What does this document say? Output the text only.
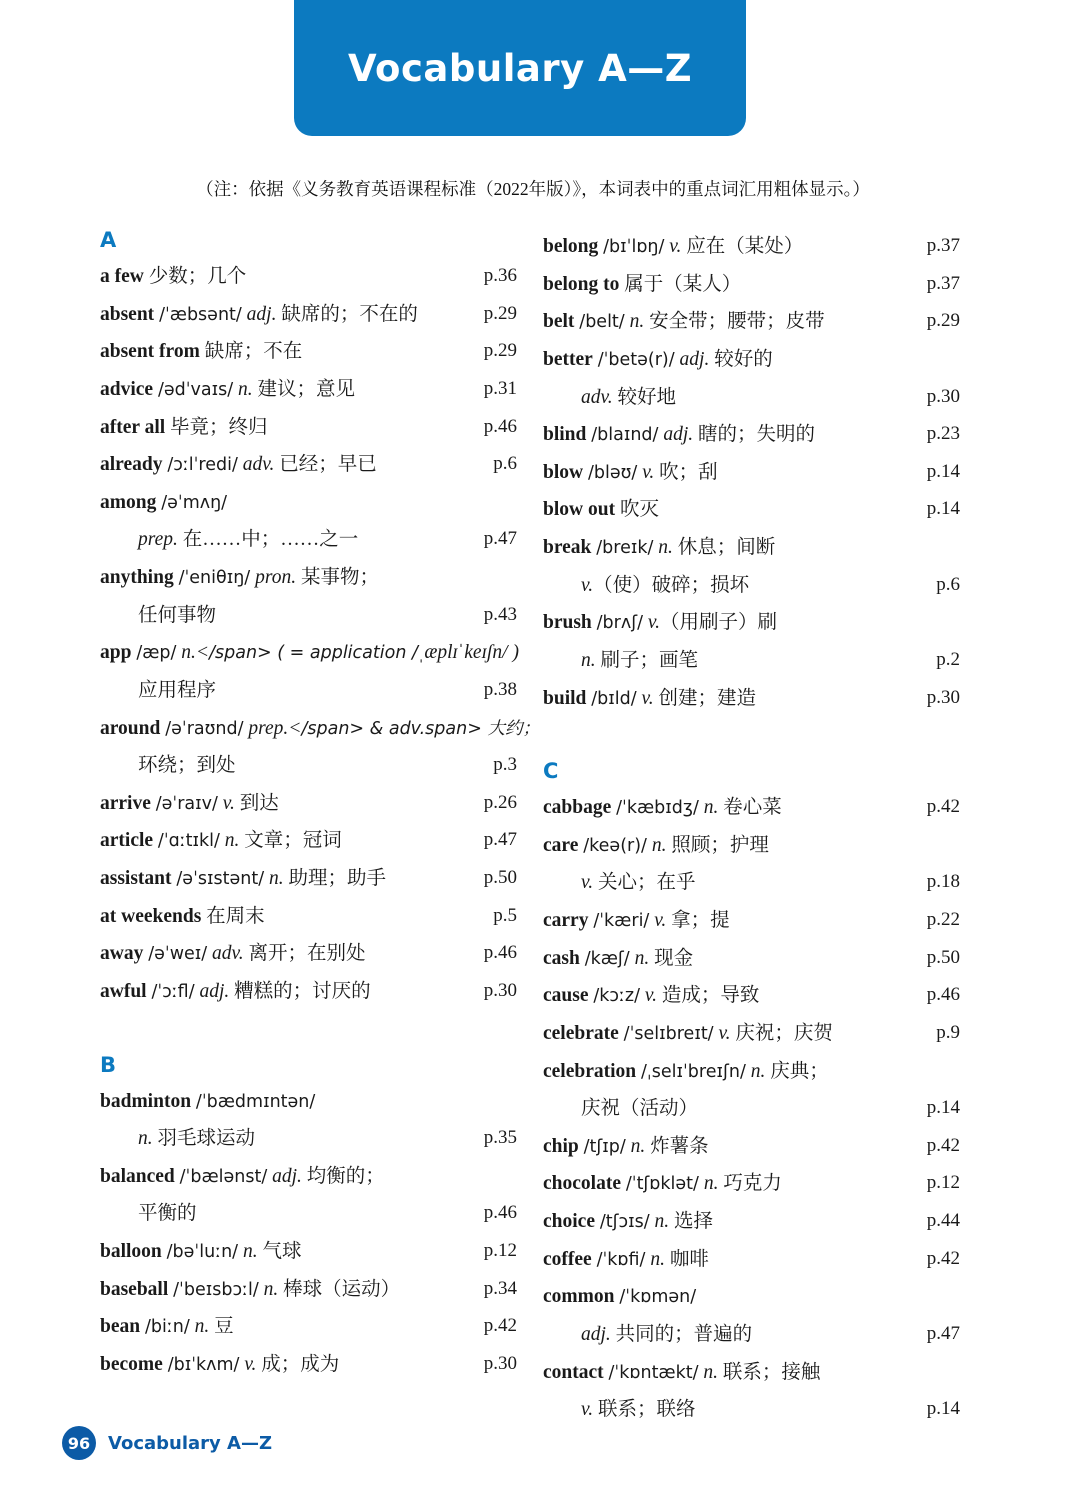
Vocabulary A—Z
（注：依据《义务教育英语课程标准（2022年版）》，本词表中的重点词汇用粗体显示。）
A
a few 少数；几个	p.36
absent /ˈæbsənt/ adj. 缺席的；不在的	p.29
absent from 缺席；不在	p.29
advice /ədˈvaɪs/ n. 建议；意见	p.31
after all 毕竟；终归	p.46
already /ɔːlˈredi/ adv. 已经；早已	p.6
among /əˈmʌŋ/
prep. 在……中；……之一	p.47
anything /ˈeniθɪŋ/ pron. 某事物；
任何事物	p.43
app /æp/ n.</span> ( = application /ˌæplɪˈkeɪʃn/ )
应用程序	p.38
around /əˈraʊnd/ prep.</span> & adv.span> 大约；
环绕；到处	p.3
arrive /əˈraɪv/ v. 到达	p.26
article /ˈɑːtɪkl/ n. 文章；冠词	p.47
assistant /əˈsɪstənt/ n. 助理；助手	p.50
at weekends 在周末	p.5
away /əˈweɪ/ adv. 离开；在别处	p.46
awful /ˈɔːfl/ adj. 糟糕的；讨厌的	p.30
B
badminton /ˈbædmɪntən/
n. 羽毛球运动	p.35
balanced /ˈbælənst/ adj. 均衡的；
平衡的	p.46
balloon /bəˈluːn/ n. 气球	p.12
baseball /ˈbeɪsbɔːl/ n. 棒球（运动）	p.34
bean /biːn/ n. 豆	p.42
become /bɪˈkʌm/ v. 成；成为	p.30
belong /bɪˈlɒŋ/ v. 应在（某处）	p.37
belong to 属于（某人）	p.37
belt /belt/ n. 安全带；腰带；皮带	p.29
better /ˈbetə(r)/ adj. 较好的
adv. 较好地	p.30
blind /blaɪnd/ adj. 瞎的；失明的	p.23
blow /bləʊ/ v. 吹；刮	p.14
blow out 吹灭	p.14
break /breɪk/ n. 休息；间断
v.（使）破碎；损坏	p.6
brush /brʌʃ/ v.（用刷子）刷
n. 刷子；画笔	p.2
build /bɪld/ v. 创建；建造	p.30
C
cabbage /ˈkæbɪdʒ/ n. 卷心菜	p.42
care /keə(r)/ n. 照顾；护理
v. 关心；在乎	p.18
carry /ˈkæri/ v. 拿；提	p.22
cash /kæʃ/ n. 现金	p.50
cause /kɔːz/ v. 造成；导致	p.46
celebrate /ˈselɪbreɪt/ v. 庆祝；庆贺	p.9
celebration /ˌselɪˈbreɪʃn/ n. 庆典；
庆祝（活动）	p.14
chip /tʃɪp/ n. 炸薯条	p.42
chocolate /ˈtʃɒklət/ n. 巧克力	p.12
choice /tʃɔɪs/ n. 选择	p.44
coffee /ˈkɒfi/ n. 咖啡	p.42
common /ˈkɒmən/
adj. 共同的；普遍的	p.47
contact /ˈkɒntækt/ n. 联系；接触
v. 联系；联络	p.14
96 Vocabulary A—Z
